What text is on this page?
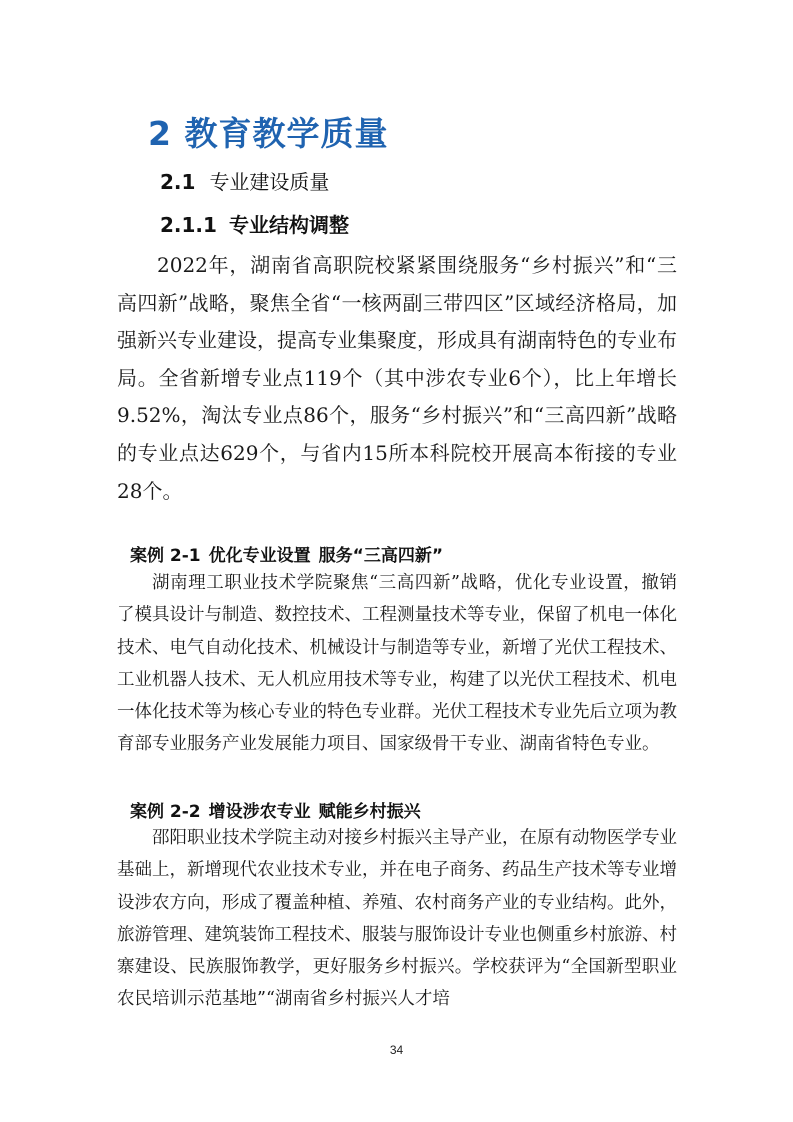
2 教育教学质量
2.1 专业建设质量
2.1.1 专业结构调整

2022年，湖南省高职院校紧紧围绕服务“乡村振兴”和“三高四新”战略，聚焦全省“一核两副三带四区”区域经济格局，加强新兴专业建设，提高专业集聚度，形成具有湖南特色的专业布局。全省新增专业点119个（其中涉农专业6个），比上年增长9.52%，淘汰专业点86个，服务“乡村振兴”和“三高四新”战略的专业点达629个，与省内15所本科院校开展高本衔接的专业28个。

案例 2-1 优化专业设置 服务“三高四新”

湖南理工职业技术学院聚焦“三高四新”战略，优化专业设置，撤销了模具设计与制造、数控技术、工程测量技术等专业，保留了机电一体化技术、电气自动化技术、机械设计与制造等专业，新增了光伏工程技术、工业机器人技术、无人机应用技术等专业，构建了以光伏工程技术、机电一体化技术等为核心专业的特色专业群。光伏工程技术专业先后立项为教育部专业服务产业发展能力项目、国家级骨干专业、湖南省特色专业。

案例 2-2 增设涉农专业 赋能乡村振兴

邵阳职业技术学院主动对接乡村振兴主导产业，在原有动物医学专业基础上，新增现代农业技术专业，并在电子商务、药品生产技术等专业增设涉农方向，形成了覆盖种植、养殖、农村商务产业的专业结构。此外，旅游管理、建筑装饰工程技术、服装与服饰设计专业也侧重乡村旅游、村寨建设、民族服饰教学，更好服务乡村振兴。学校获评为“全国新型职业农民培训示范基地”“湖南省乡村振兴人才培

34
